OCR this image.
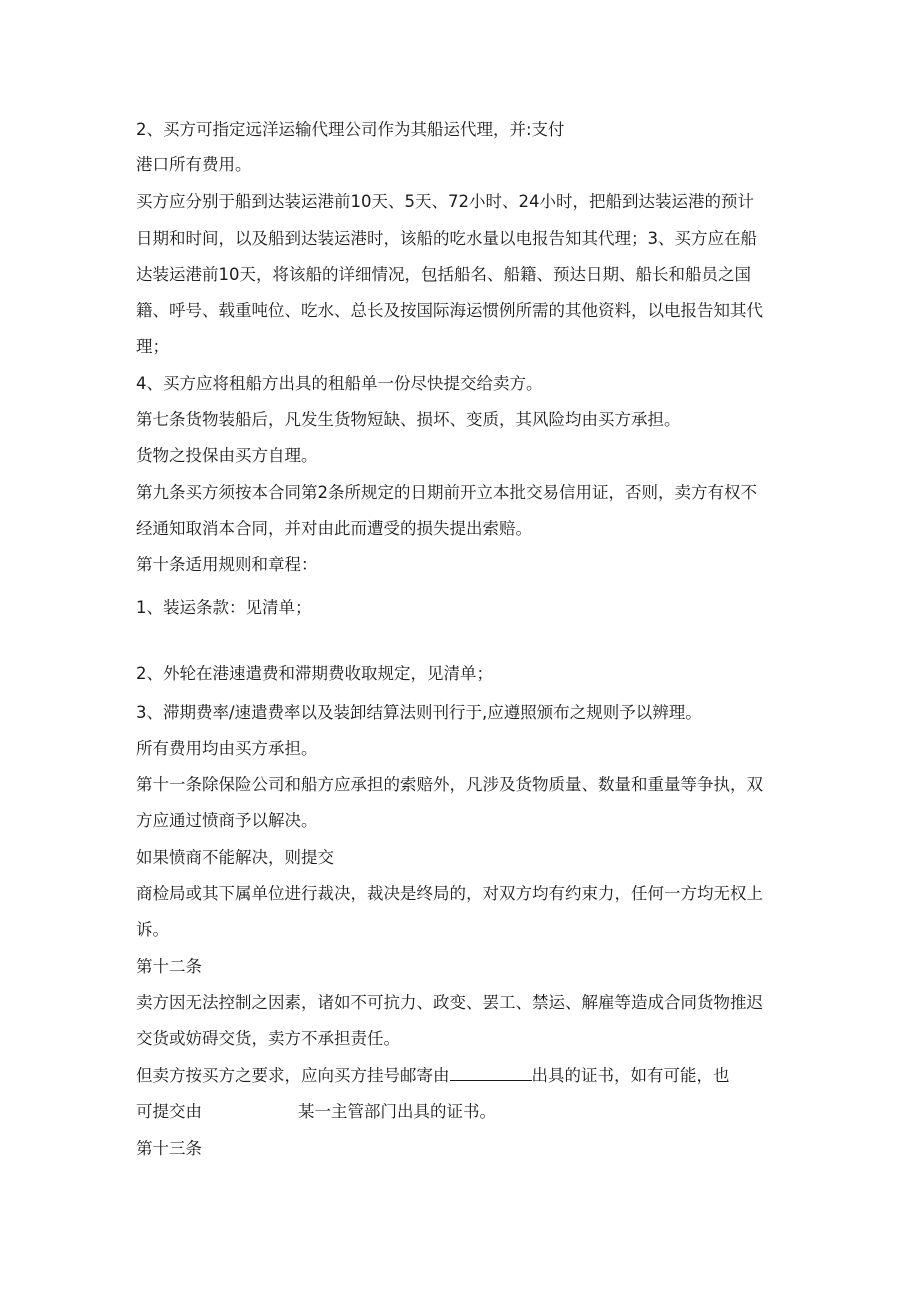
2、买方可指定远洋运输代理公司作为其船运代理，并:支付
港口所有费用。
买方应分别于船到达装运港前10天、5天、72小时、24小时，把船到达装运港的预计
日期和时间，以及船到达装运港时，该船的吃水量以电报告知其代理；3、买方应在船
达装运港前10天，将该船的详细情况，包括船名、船籍、预达日期、船长和船员之国
籍、呼号、载重吨位、吃水、总长及按国际海运惯例所需的其他资料，以电报告知其代
理；
4、买方应将租船方出具的租船单一份尽快提交给卖方。
第七条货物装船后，凡发生货物短缺、损坏、变质，其风险均由买方承担。
货物之投保由买方自理。
第九条买方须按本合同第2条所规定的日期前开立本批交易信用证，否则，卖方有权不
经通知取消本合同，并对由此而遭受的损失提出索赔。
第十条适用规则和章程：
1、装运条款：见清单；
2、外轮在港速遣费和滞期费收取规定，见清单；
3、滞期费率/速遣费率以及装卸结算法则刊行于,应遵照颁布之规则予以辨理。
所有费用均由买方承担。
第十一条除保险公司和船方应承担的索赔外，凡涉及货物质量、数量和重量等争执，双
方应通过愤商予以解决。
如果愤商不能解决，则提交
商检局或其下属单位进行裁决，裁决是终局的，对双方均有约束力，任何一方均无权上
诉。
第十二条
卖方因无法控制之因素，诸如不可抗力、政变、罢工、禁运、解雇等造成合同货物推迟
交货或妨碍交货，卖方不承担责任。
但卖方按买方之要求，应向买方挂号邮寄由	出具的证书，如有可能，也
可提交由	某一主管部门出具的证书。
第十三条
